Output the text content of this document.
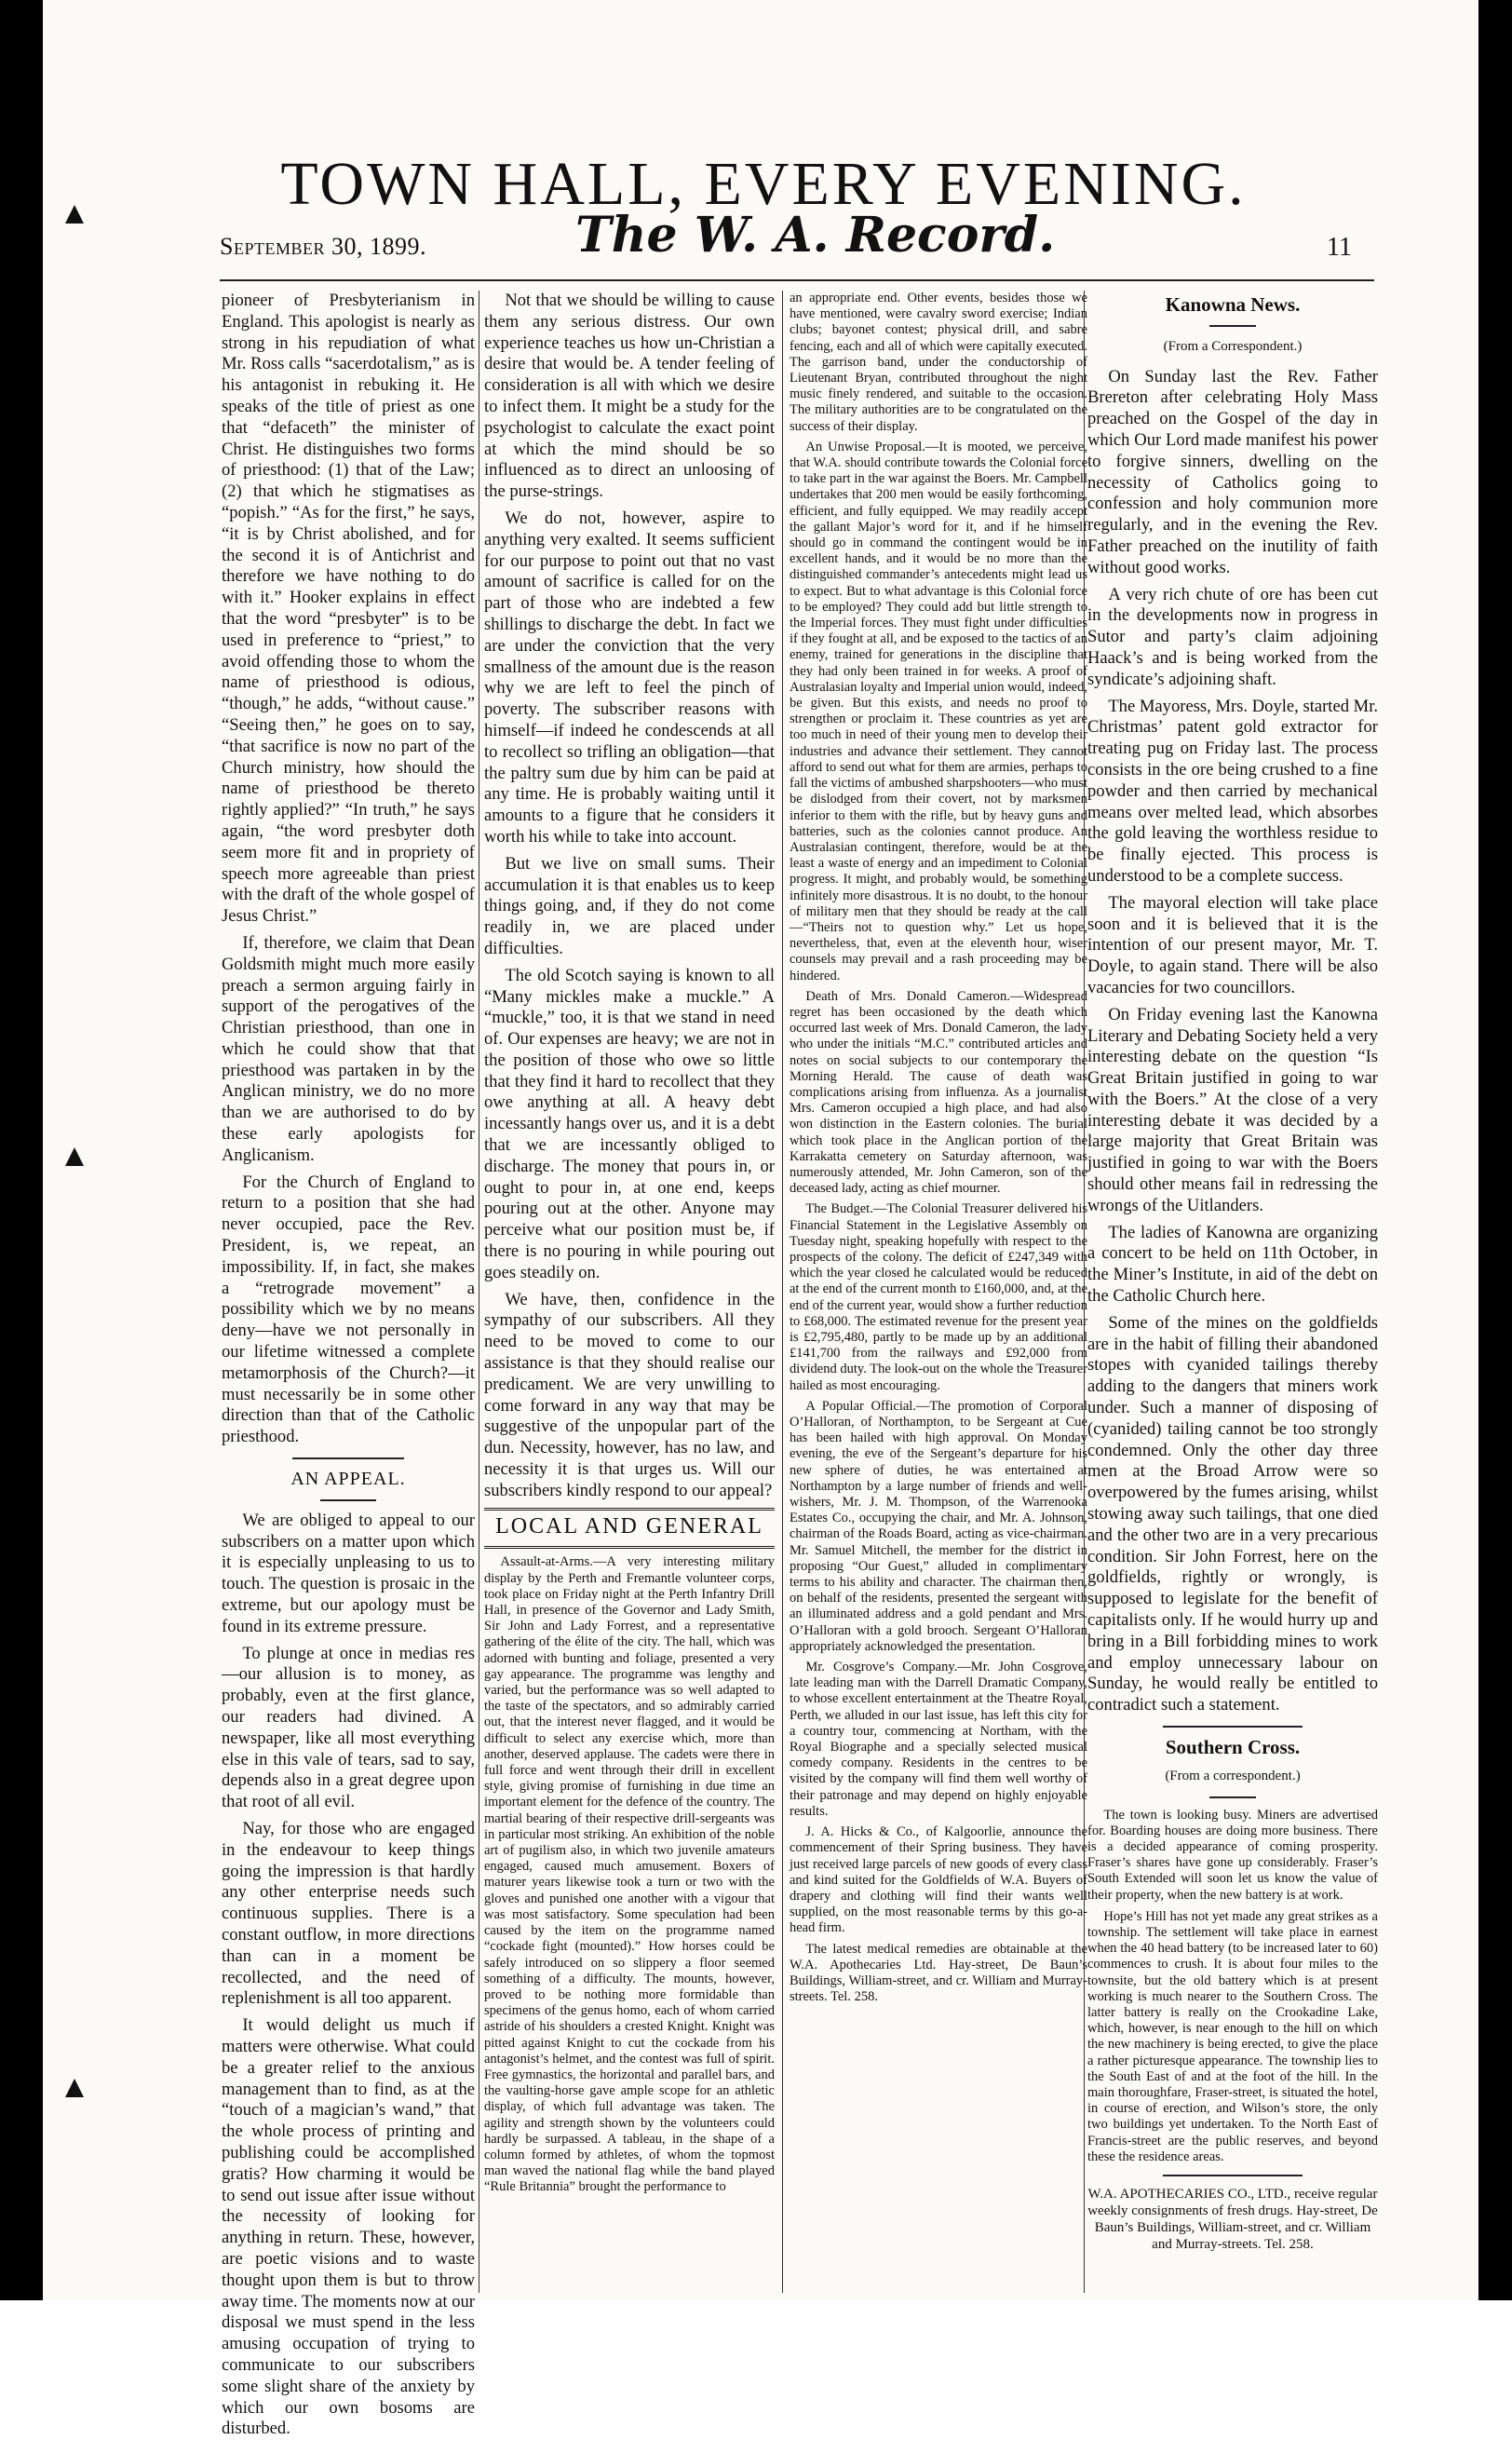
TOWN HALL, EVERY EVENING.
September 30, 1899.	The W. A. Record.	11

pioneer of Presbyterianism in England. This apologist is nearly as strong in his repudiation of what Mr. Ross calls “sacerdotalism,” as is his antagonist in rebuking it. He speaks of the title of priest as one that “defaceth” the minister of Christ. He distinguishes two forms of priesthood: (1) that of the Law; (2) that which he stigmatises as “popish.” “As for the first,” he says, “it is by Christ abolished, and for the second it is of Antichrist and therefore we have nothing to do with it.” Hooker explains in effect that the word “presbyter” is to be used in preference to “priest,” to avoid offending those to whom the name of priesthood is odious, “though,” he adds, “without cause.” “Seeing then,” he goes on to say, “that sacrifice is now no part of the Church ministry, how should the name of priesthood be thereto rightly applied?” “In truth,” he says again, “the word presbyter doth seem more fit and in propriety of speech more agreeable than priest with the draft of the whole gospel of Jesus Christ.”

If, therefore, we claim that Dean Goldsmith might much more easily preach a sermon arguing fairly in support of the perogatives of the Christian priesthood, than one in which he could show that that priesthood was partaken in by the Anglican ministry, we do no more than we are authorised to do by these early apologists for Anglicanism.

For the Church of England to return to a position that she had never occupied, pace the Rev. President, is, we repeat, an impossibility. If, in fact, she makes a “retrograde movement” a possibility which we by no means deny—have we not personally in our lifetime witnessed a complete metamorphosis of the Church?—it must necessarily be in some other direction than that of the Catholic priesthood.

AN APPEAL.

We are obliged to appeal to our subscribers on a matter upon which it is especially unpleasing to us to touch. The question is prosaic in the extreme, but our apology must be found in its extreme pressure.

To plunge at once in medias res—our allusion is to money, as probably, even at the first glance, our readers had divined. A newspaper, like all most everything else in this vale of tears, sad to say, depends also in a great degree upon that root of all evil.

Nay, for those who are engaged in the endeavour to keep things going the impression is that hardly any other enterprise needs such continuous supplies. There is a constant outflow, in more directions than can in a moment be recollected, and the need of replenishment is all too apparent.

It would delight us much if matters were otherwise. What could be a greater relief to the anxious management than to find, as at the “touch of a magician’s wand,” that the whole process of printing and publishing could be accomplished gratis? How charming it would be to send out issue after issue without the necessity of looking for anything in return. These, however, are poetic visions and to waste thought upon them is but to throw away time. The moments now at our disposal we must spend in the less amusing occupation of trying to communicate to our subscribers some slight share of the anxiety by which our own bosoms are disturbed.

Not that we should be willing to cause them any serious distress. Our own experience teaches us how un-Christian a desire that would be. A tender feeling of consideration is all with which we desire to infect them. It might be a study for the psychologist to calculate the exact point at which the mind should be so influenced as to direct an unloosing of the purse-strings.

We do not, however, aspire to anything very exalted. It seems sufficient for our purpose to point out that no vast amount of sacrifice is called for on the part of those who are indebted a few shillings to discharge the debt. In fact we are under the conviction that the very smallness of the amount due is the reason why we are left to feel the pinch of poverty. The subscriber reasons with himself—if indeed he condescends at all to recollect so trifling an obligation—that the paltry sum due by him can be paid at any time. He is probably waiting until it amounts to a figure that he considers it worth his while to take into account.

But we live on small sums. Their accumulation it is that enables us to keep things going, and, if they do not come readily in, we are placed under difficulties.

The old Scotch saying is known to all “Many mickles make a muckle.” A “muckle,” too, it is that we stand in need of. Our expenses are heavy; we are not in the position of those who owe so little that they find it hard to recollect that they owe anything at all. A heavy debt incessantly hangs over us, and it is a debt that we are incessantly obliged to discharge. The money that pours in, or ought to pour in, at one end, keeps pouring out at the other. Anyone may perceive what our position must be, if there is no pouring in while pouring out goes steadily on.

We have, then, confidence in the sympathy of our subscribers. All they need to be moved to come to our assistance is that they should realise our predicament. We are very unwilling to come forward in any way that may be suggestive of the unpopular part of the dun. Necessity, however, has no law, and necessity it is that urges us. Will our subscribers kindly respond to our appeal?

LOCAL AND GENERAL

Assault-at-Arms.—A very interesting military display by the Perth and Fremantle volunteer corps, took place on Friday night at the Perth Infantry Drill Hall, in presence of the Governor and Lady Smith, Sir John and Lady Forrest, and a representative gathering of the élite of the city. The hall, which was adorned with bunting and foliage, presented a very gay appearance. The programme was lengthy and varied, but the performance was so well adapted to the taste of the spectators, and so admirably carried out, that the interest never flagged, and it would be difficult to select any exercise which, more than another, deserved applause. The cadets were there in full force and went through their drill in excellent style, giving promise of furnishing in due time an important element for the defence of the country. The martial bearing of their respective drill-sergeants was in particular most striking. An exhibition of the noble art of pugilism also, in which two juvenile amateurs engaged, caused much amusement. Boxers of maturer years likewise took a turn or two with the gloves and punished one another with a vigour that was most satisfactory. Some speculation had been caused by the item on the programme named “cockade fight (mounted).” How horses could be safely introduced on so slippery a floor seemed something of a difficulty. The mounts, however, proved to be nothing more formidable than specimens of the genus homo, each of whom carried astride of his shoulders a crested Knight. Knight was pitted against Knight to cut the cockade from his antagonist’s helmet, and the contest was full of spirit. Free gymnastics, the horizontal and parallel bars, and the vaulting-horse gave ample scope for an athletic display, of which full advantage was taken. The agility and strength shown by the volunteers could hardly be surpassed. A tableau, in the shape of a column formed by athletes, of whom the topmost man waved the national flag while the band played “Rule Britannia” brought the performance to

an appropriate end. Other events, besides those we have mentioned, were cavalry sword exercise; Indian clubs; bayonet contest; physical drill, and sabre fencing, each and all of which were capitally executed. The garrison band, under the conductorship of Lieutenant Bryan, contributed throughout the night music finely rendered, and suitable to the occasion. The military authorities are to be congratulated on the success of their display.

An Unwise Proposal.—It is mooted, we perceive, that W.A. should contribute towards the Colonial force to take part in the war against the Boers. Mr. Campbell undertakes that 200 men would be easily forthcoming, efficient, and fully equipped. We may readily accept the gallant Major’s word for it, and if he himself should go in command the contingent would be in excellent hands, and it would be no more than the distinguished commander’s antecedents might lead us to expect. But to what advantage is this Colonial force to be employed? They could add but little strength to the Imperial forces. They must fight under difficulties if they fought at all, and be exposed to the tactics of an enemy, trained for generations in the discipline that they had only been trained in for weeks. A proof of Australasian loyalty and Imperial union would, indeed, be given. But this exists, and needs no proof to strengthen or proclaim it. These countries as yet are too much in need of their young men to develop their industries and advance their settlement. They cannot afford to send out what for them are armies, perhaps to fall the victims of ambushed sharpshooters—who must be dislodged from their covert, not by marksmen inferior to them with the rifle, but by heavy guns and batteries, such as the colonies cannot produce. An Australasian contingent, therefore, would be at the least a waste of energy and an impediment to Colonial progress. It might, and probably would, be something infinitely more disastrous. It is no doubt, to the honour of military men that they should be ready at the call—“Theirs not to question why.” Let us hope, nevertheless, that, even at the eleventh hour, wiser counsels may prevail and a rash proceeding may be hindered.

Death of Mrs. Donald Cameron.—Widespread regret has been occasioned by the death which occurred last week of Mrs. Donald Cameron, the lady who under the initials “M.C.” contributed articles and notes on social subjects to our contemporary the Morning Herald. The cause of death was complications arising from influenza. As a journalist Mrs. Cameron occupied a high place, and had also won distinction in the Eastern colonies. The burial which took place in the Anglican portion of the Karrakatta cemetery on Saturday afternoon, was numerously attended, Mr. John Cameron, son of the deceased lady, acting as chief mourner.

The Budget.—The Colonial Treasurer delivered his Financial Statement in the Legislative Assembly on Tuesday night, speaking hopefully with respect to the prospects of the colony. The deficit of £247,349 with which the year closed he calculated would be reduced at the end of the current month to £160,000, and, at the end of the current year, would show a further reduction to £68,000. The estimated revenue for the present year is £2,795,480, partly to be made up by an additional £141,700 from the railways and £92,000 from dividend duty. The look-out on the whole the Treasurer hailed as most encouraging.

A Popular Official.—The promotion of Corporal O’Halloran, of Northampton, to be Sergeant at Cue has been hailed with high approval. On Monday evening, the eve of the Sergeant’s departure for his new sphere of duties, he was entertained at Northampton by a large number of friends and well-wishers, Mr. J. M. Thompson, of the Warrenooka Estates Co., occupying the chair, and Mr. A. Johnson, chairman of the Roads Board, acting as vice-chairman. Mr. Samuel Mitchell, the member for the district in proposing “Our Guest,” alluded in complimentary terms to his ability and character. The chairman then, on behalf of the residents, presented the sergeant with an illuminated address and a gold pendant and Mrs. O’Halloran with a gold brooch. Sergeant O’Halloran appropriately acknowledged the presentation.

Mr. Cosgrove’s Company.—Mr. John Cosgrove, late leading man with the Darrell Dramatic Company, to whose excellent entertainment at the Theatre Royal, Perth, we alluded in our last issue, has left this city for a country tour, commencing at Northam, with the Royal Biographe and a specially selected musical comedy company. Residents in the centres to be visited by the company will find them well worthy of their patronage and may depend on highly enjoyable results.

J. A. Hicks & Co., of Kalgoorlie, announce the commencement of their Spring business. They have just received large parcels of new goods of every class and kind suited for the Goldfields of W.A. Buyers of drapery and clothing will find their wants well supplied, on the most reasonable terms by this go-a-head firm.

The latest medical remedies are obtainable at the W.A. Apothecaries Ltd. Hay-street, De Baun’s Buildings, William-street, and cr. William and Murray-streets. Tel. 258.

Kanowna News.

(From a Correspondent.)

On Sunday last the Rev. Father Brereton after celebrating Holy Mass preached on the Gospel of the day in which Our Lord made manifest his power to forgive sinners, dwelling on the necessity of Catholics going to confession and holy communion more regularly, and in the evening the Rev. Father preached on the inutility of faith without good works.

A very rich chute of ore has been cut in the developments now in progress in Sutor and party’s claim adjoining Haack’s and is being worked from the syndicate’s adjoining shaft.

The Mayoress, Mrs. Doyle, started Mr. Christmas’ patent gold extractor for treating pug on Friday last. The process consists in the ore being crushed to a fine powder and then carried by mechanical means over melted lead, which absorbes the gold leaving the worthless residue to be finally ejected. This process is understood to be a complete success.

The mayoral election will take place soon and it is believed that it is the intention of our present mayor, Mr. T. Doyle, to again stand. There will be also vacancies for two councillors.

On Friday evening last the Kanowna Literary and Debating Society held a very interesting debate on the question “Is Great Britain justified in going to war with the Boers.” At the close of a very interesting debate it was decided by a large majority that Great Britain was justified in going to war with the Boers should other means fail in redressing the wrongs of the Uitlanders.

The ladies of Kanowna are organizing a concert to be held on 11th October, in the Miner’s Institute, in aid of the debt on the Catholic Church here.

Some of the mines on the goldfields are in the habit of filling their abandoned stopes with cyanided tailings thereby adding to the dangers that miners work under. Such a manner of disposing of (cyanided) tailing cannot be too strongly condemned. Only the other day three men at the Broad Arrow were so overpowered by the fumes arising, whilst stowing away such tailings, that one died and the other two are in a very precarious condition. Sir John Forrest, here on the goldfields, rightly or wrongly, is supposed to legislate for the benefit of capitalists only. If he would hurry up and bring in a Bill forbidding mines to work and employ unnecessary labour on Sunday, he would really be entitled to contradict such a statement.

Southern Cross.

(From a correspondent.)

The town is looking busy. Miners are advertised for. Boarding houses are doing more business. There is a decided appearance of coming prosperity. Fraser’s shares have gone up considerably. Fraser’s South Extended will soon let us know the value of their property, when the new battery is at work.

Hope’s Hill has not yet made any great strikes as a township. The settlement will take place in earnest when the 40 head battery (to be increased later to 60) commences to crush. It is about four miles to the townsite, but the old battery which is at present working is much nearer to the Southern Cross. The latter battery is really on the Crookadine Lake, which, however, is near enough to the hill on which the new machinery is being erected, to give the place a rather picturesque appearance. The township lies to the South East of and at the foot of the hill. In the main thoroughfare, Fraser-street, is situated the hotel, in course of erection, and Wilson’s store, the only two buildings yet undertaken. To the North East of Francis-street are the public reserves, and beyond these the residence areas.

W.A. APOTHECARIES CO., LTD., receive regular weekly consignments of fresh drugs. Hay-street, De Baun’s Buildings, William-street, and cr. William and Murray-streets. Tel. 258.
